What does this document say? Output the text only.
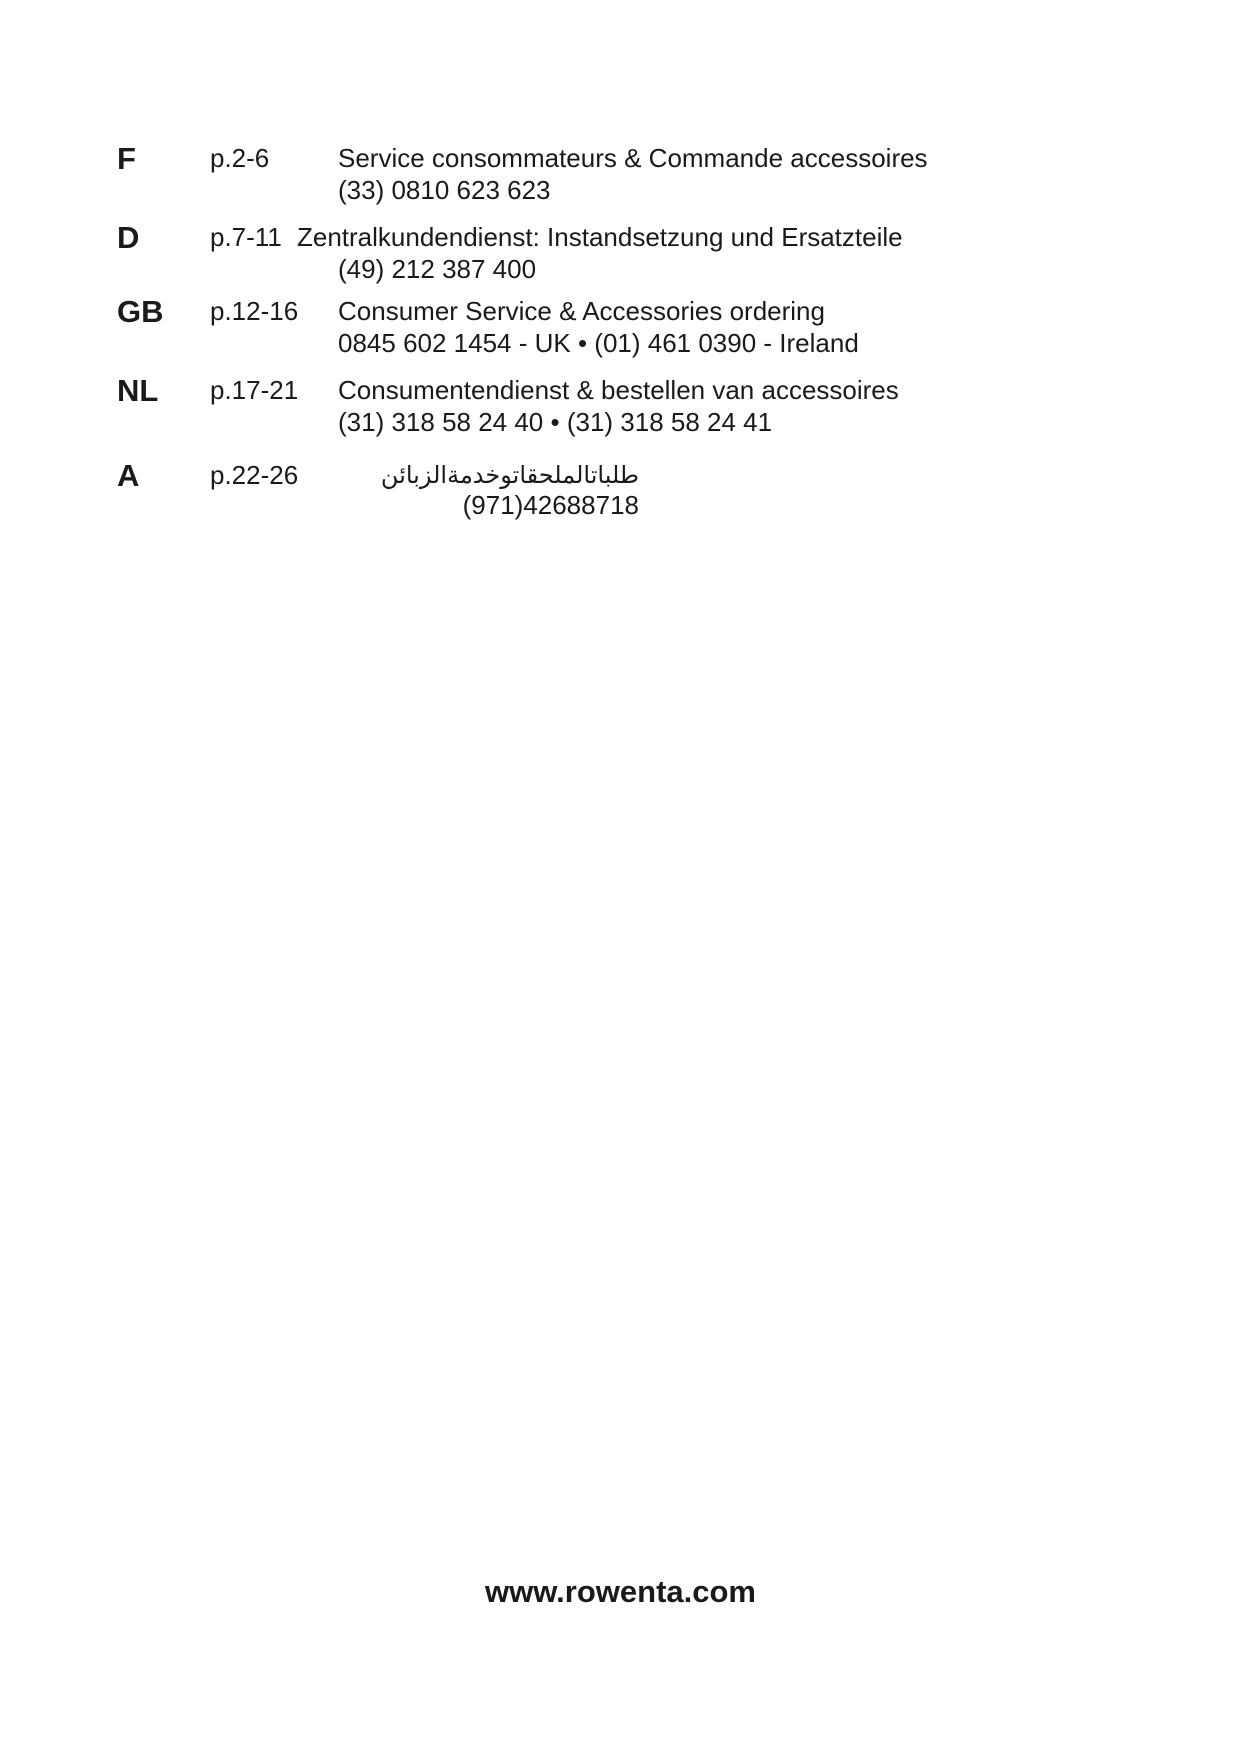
F	p.2-6	Service consommateurs & Commande accessoires
(33) 0810 623 623
D	p.7-11 Zentralkundendienst: Instandsetzung und Ersatzteile
(49) 212 387 400
GB p.12-16 Consumer Service & Accessories ordering
0845 602 1454 - UK • (01) 461 0390 - Ireland
NL p.17-21 Consumentendienst & bestellen van accessoires
(31) 318 58 24 40 • (31) 318 58 24 41
A	p.22-26	طلباتالملحقاتوخدمةالزبائن
(971)42688718
www.rowenta.com
